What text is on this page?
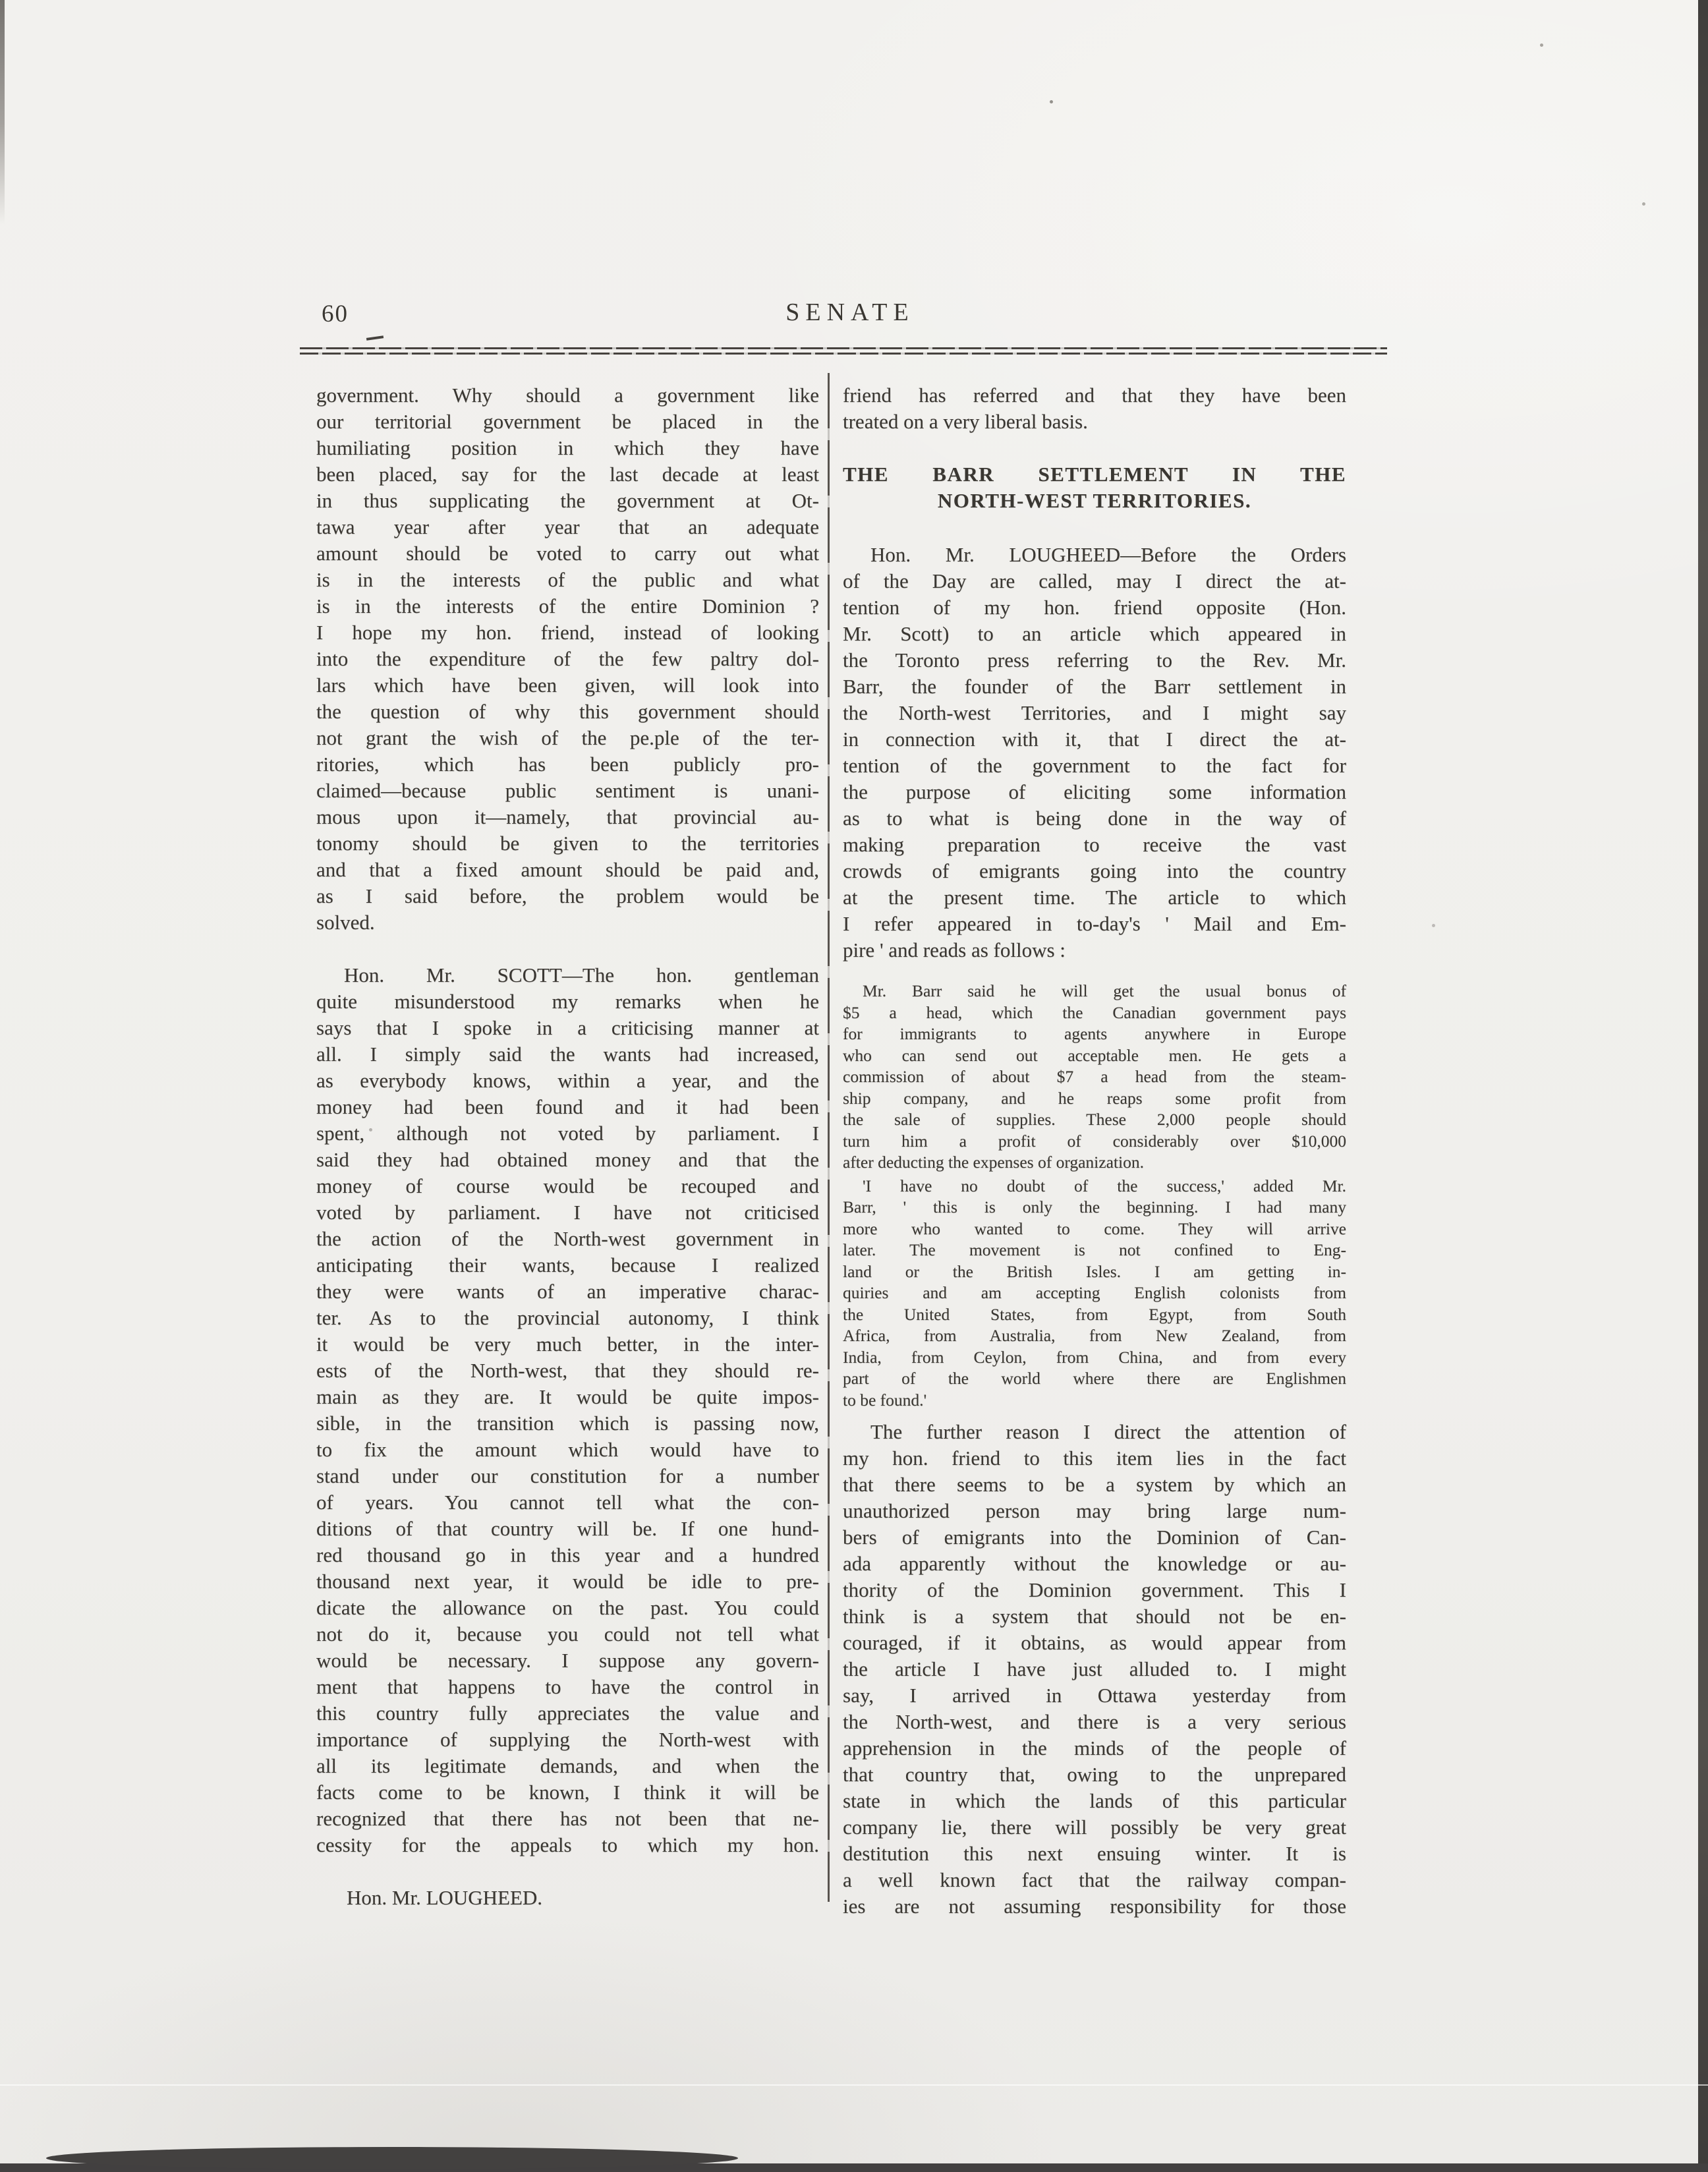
60	SENATE
government. Why should a government like
our territorial government be placed in the
humiliating position in which they have
been placed, say for the last decade at least
in thus supplicating the government at Ot-
tawa year after year that an adequate
amount should be voted to carry out what
is in the interests of the public and what
is in the interests of the entire Dominion ?
I hope my hon. friend, instead of looking
into the expenditure of the few paltry dol-
lars which have been given, will look into
the question of why this government should
not grant the wish of the pe.ple of the ter-
ritories, which has been publicly pro-
claimed—because public sentiment is unani-
mous upon it—namely, that provincial au-
tonomy should be given to the territories
and that a fixed amount should be paid and,
as I said before, the problem would be
solved.
Hon. Mr. SCOTT—The hon. gentleman
quite misunderstood my remarks when he
says that I spoke in a criticising manner at
all. I simply said the wants had increased,
as everybody knows, within a year, and the
money had been found and it had been
spent, although not voted by parliament. I
said they had obtained money and that the
money of course would be recouped and
voted by parliament. I have not criticised
the action of the North-west government in
anticipating their wants, because I realized
they were wants of an imperative charac-
ter. As to the provincial autonomy, I think
it would be very much better, in the inter-
ests of the North-west, that they should re-
main as they are. It would be quite impos-
sible, in the transition which is passing now,
to fix the amount which would have to
stand under our constitution for a number
of years. You cannot tell what the con-
ditions of that country will be. If one hund-
red thousand go in this year and a hundred
thousand next year, it would be idle to pre-
dicate the allowance on the past. You could
not do it, because you could not tell what
would be necessary. I suppose any govern-
ment that happens to have the control in
this country fully appreciates the value and
importance of supplying the North-west with
all its legitimate demands, and when the
facts come to be known, I think it will be
recognized that there has not been that ne-
cessity for the appeals to which my hon.
Hon. Mr. LOUGHEED.
friend has referred and that they have been
treated on a very liberal basis.
THE BARR SETTLEMENT IN THE
NORTH-WEST TERRITORIES.
Hon. Mr. LOUGHEED—Before the Orders
of the Day are called, may I direct the at-
tention of my hon. friend opposite (Hon.
Mr. Scott) to an article which appeared in
the Toronto press referring to the Rev. Mr.
Barr, the founder of the Barr settlement in
the North-west Territories, and I might say
in connection with it, that I direct the at-
tention of the government to the fact for
the purpose of eliciting some information
as to what is being done in the way of
making preparation to receive the vast
crowds of emigrants going into the country
at the present time. The article to which
I refer appeared in to-day's ' Mail and Em-
pire ' and reads as follows :
Mr. Barr said he will get the usual bonus of
$5 a head, which the Canadian government pays
for immigrants to agents anywhere in Europe
who can send out acceptable men. He gets a
commission of about $7 a head from the steam-
ship company, and he reaps some profit from
the sale of supplies. These 2,000 people should
turn him a profit of considerably over $10,000
after deducting the expenses of organization.
'I have no doubt of the success,' added Mr.
Barr, ' this is only the beginning. I had many
more who wanted to come. They will arrive
later. The movement is not confined to Eng-
land or the British Isles. I am getting in-
quiries and am accepting English colonists from
the United States, from Egypt, from South
Africa, from Australia, from New Zealand, from
India, from Ceylon, from China, and from every
part of the world where there are Englishmen
to be found.'
The further reason I direct the attention of
my hon. friend to this item lies in the fact
that there seems to be a system by which an
unauthorized person may bring large num-
bers of emigrants into the Dominion of Can-
ada apparently without the knowledge or au-
thority of the Dominion government. This I
think is a system that should not be en-
couraged, if it obtains, as would appear from
the article I have just alluded to. I might
say, I arrived in Ottawa yesterday from
the North-west, and there is a very serious
apprehension in the minds of the people of
that country that, owing to the unprepared
state in which the lands of this particular
company lie, there will possibly be very great
destitution this next ensuing winter. It is
a well known fact that the railway compan-
ies are not assuming responsibility for those
